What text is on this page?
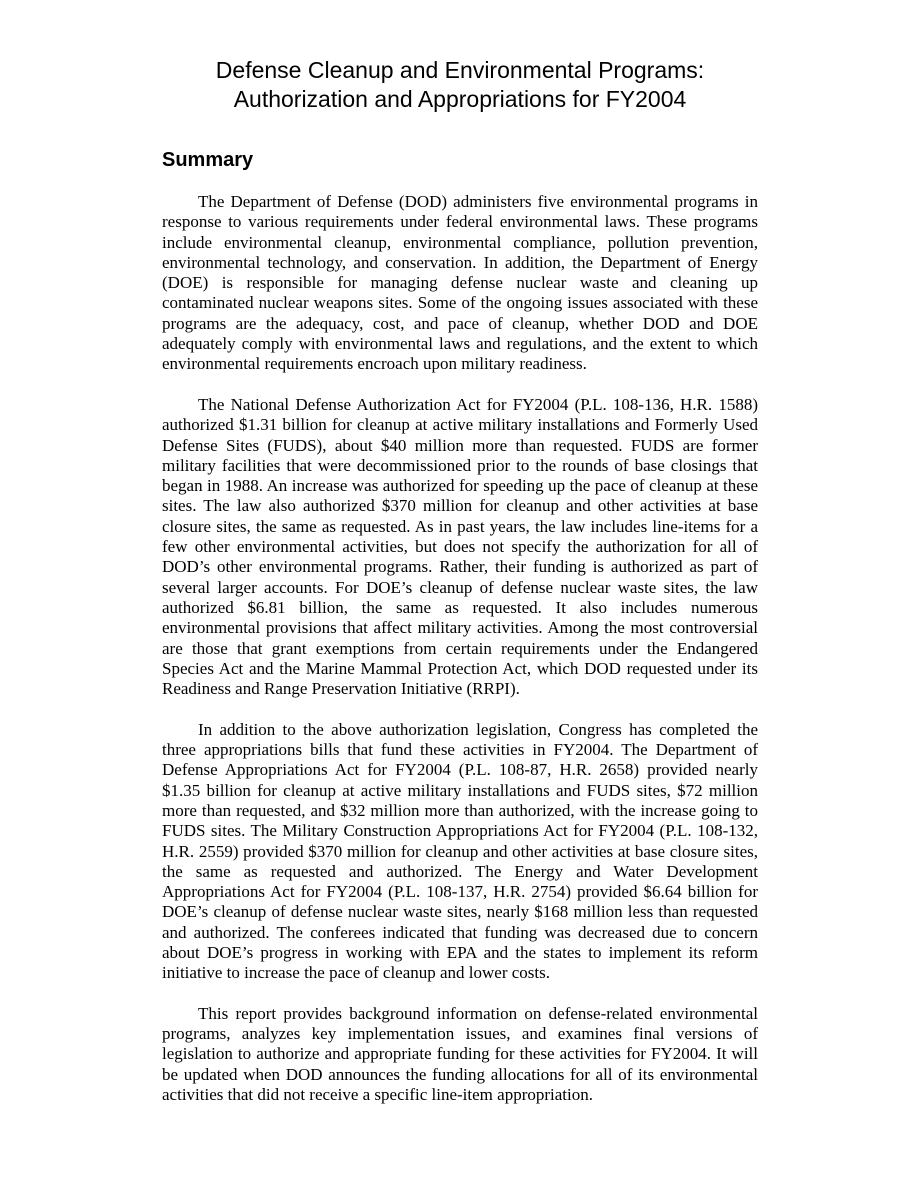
Defense Cleanup and Environmental Programs:
Authorization and Appropriations for FY2004
Summary

The Department of Defense (DOD) administers five environmental programs in response to various requirements under federal environmental laws. These programs include environmental cleanup, environmental compliance, pollution prevention, environmental technology, and conservation. In addition, the Department of Energy (DOE) is responsible for managing defense nuclear waste and cleaning up contaminated nuclear weapons sites. Some of the ongoing issues associated with these programs are the adequacy, cost, and pace of cleanup, whether DOD and DOE adequately comply with environmental laws and regulations, and the extent to which environmental requirements encroach upon military readiness.

The National Defense Authorization Act for FY2004 (P.L. 108-136, H.R. 1588) authorized $1.31 billion for cleanup at active military installations and Formerly Used Defense Sites (FUDS), about $40 million more than requested. FUDS are former military facilities that were decommissioned prior to the rounds of base closings that began in 1988. An increase was authorized for speeding up the pace of cleanup at these sites. The law also authorized $370 million for cleanup and other activities at base closure sites, the same as requested. As in past years, the law includes line-items for a few other environmental activities, but does not specify the authorization for all of DOD’s other environmental programs. Rather, their funding is authorized as part of several larger accounts. For DOE’s cleanup of defense nuclear waste sites, the law authorized $6.81 billion, the same as requested. It also includes numerous environmental provisions that affect military activities. Among the most controversial are those that grant exemptions from certain requirements under the Endangered Species Act and the Marine Mammal Protection Act, which DOD requested under its Readiness and Range Preservation Initiative (RRPI).

In addition to the above authorization legislation, Congress has completed the three appropriations bills that fund these activities in FY2004. The Department of Defense Appropriations Act for FY2004 (P.L. 108-87, H.R. 2658) provided nearly $1.35 billion for cleanup at active military installations and FUDS sites, $72 million more than requested, and $32 million more than authorized, with the increase going to FUDS sites. The Military Construction Appropriations Act for FY2004 (P.L. 108-132, H.R. 2559) provided $370 million for cleanup and other activities at base closure sites, the same as requested and authorized. The Energy and Water Development Appropriations Act for FY2004 (P.L. 108-137, H.R. 2754) provided $6.64 billion for DOE’s cleanup of defense nuclear waste sites, nearly $168 million less than requested and authorized. The conferees indicated that funding was decreased due to concern about DOE’s progress in working with EPA and the states to implement its reform initiative to increase the pace of cleanup and lower costs.

This report provides background information on defense-related environmental programs, analyzes key implementation issues, and examines final versions of legislation to authorize and appropriate funding for these activities for FY2004. It will be updated when DOD announces the funding allocations for all of its environmental activities that did not receive a specific line-item appropriation.
